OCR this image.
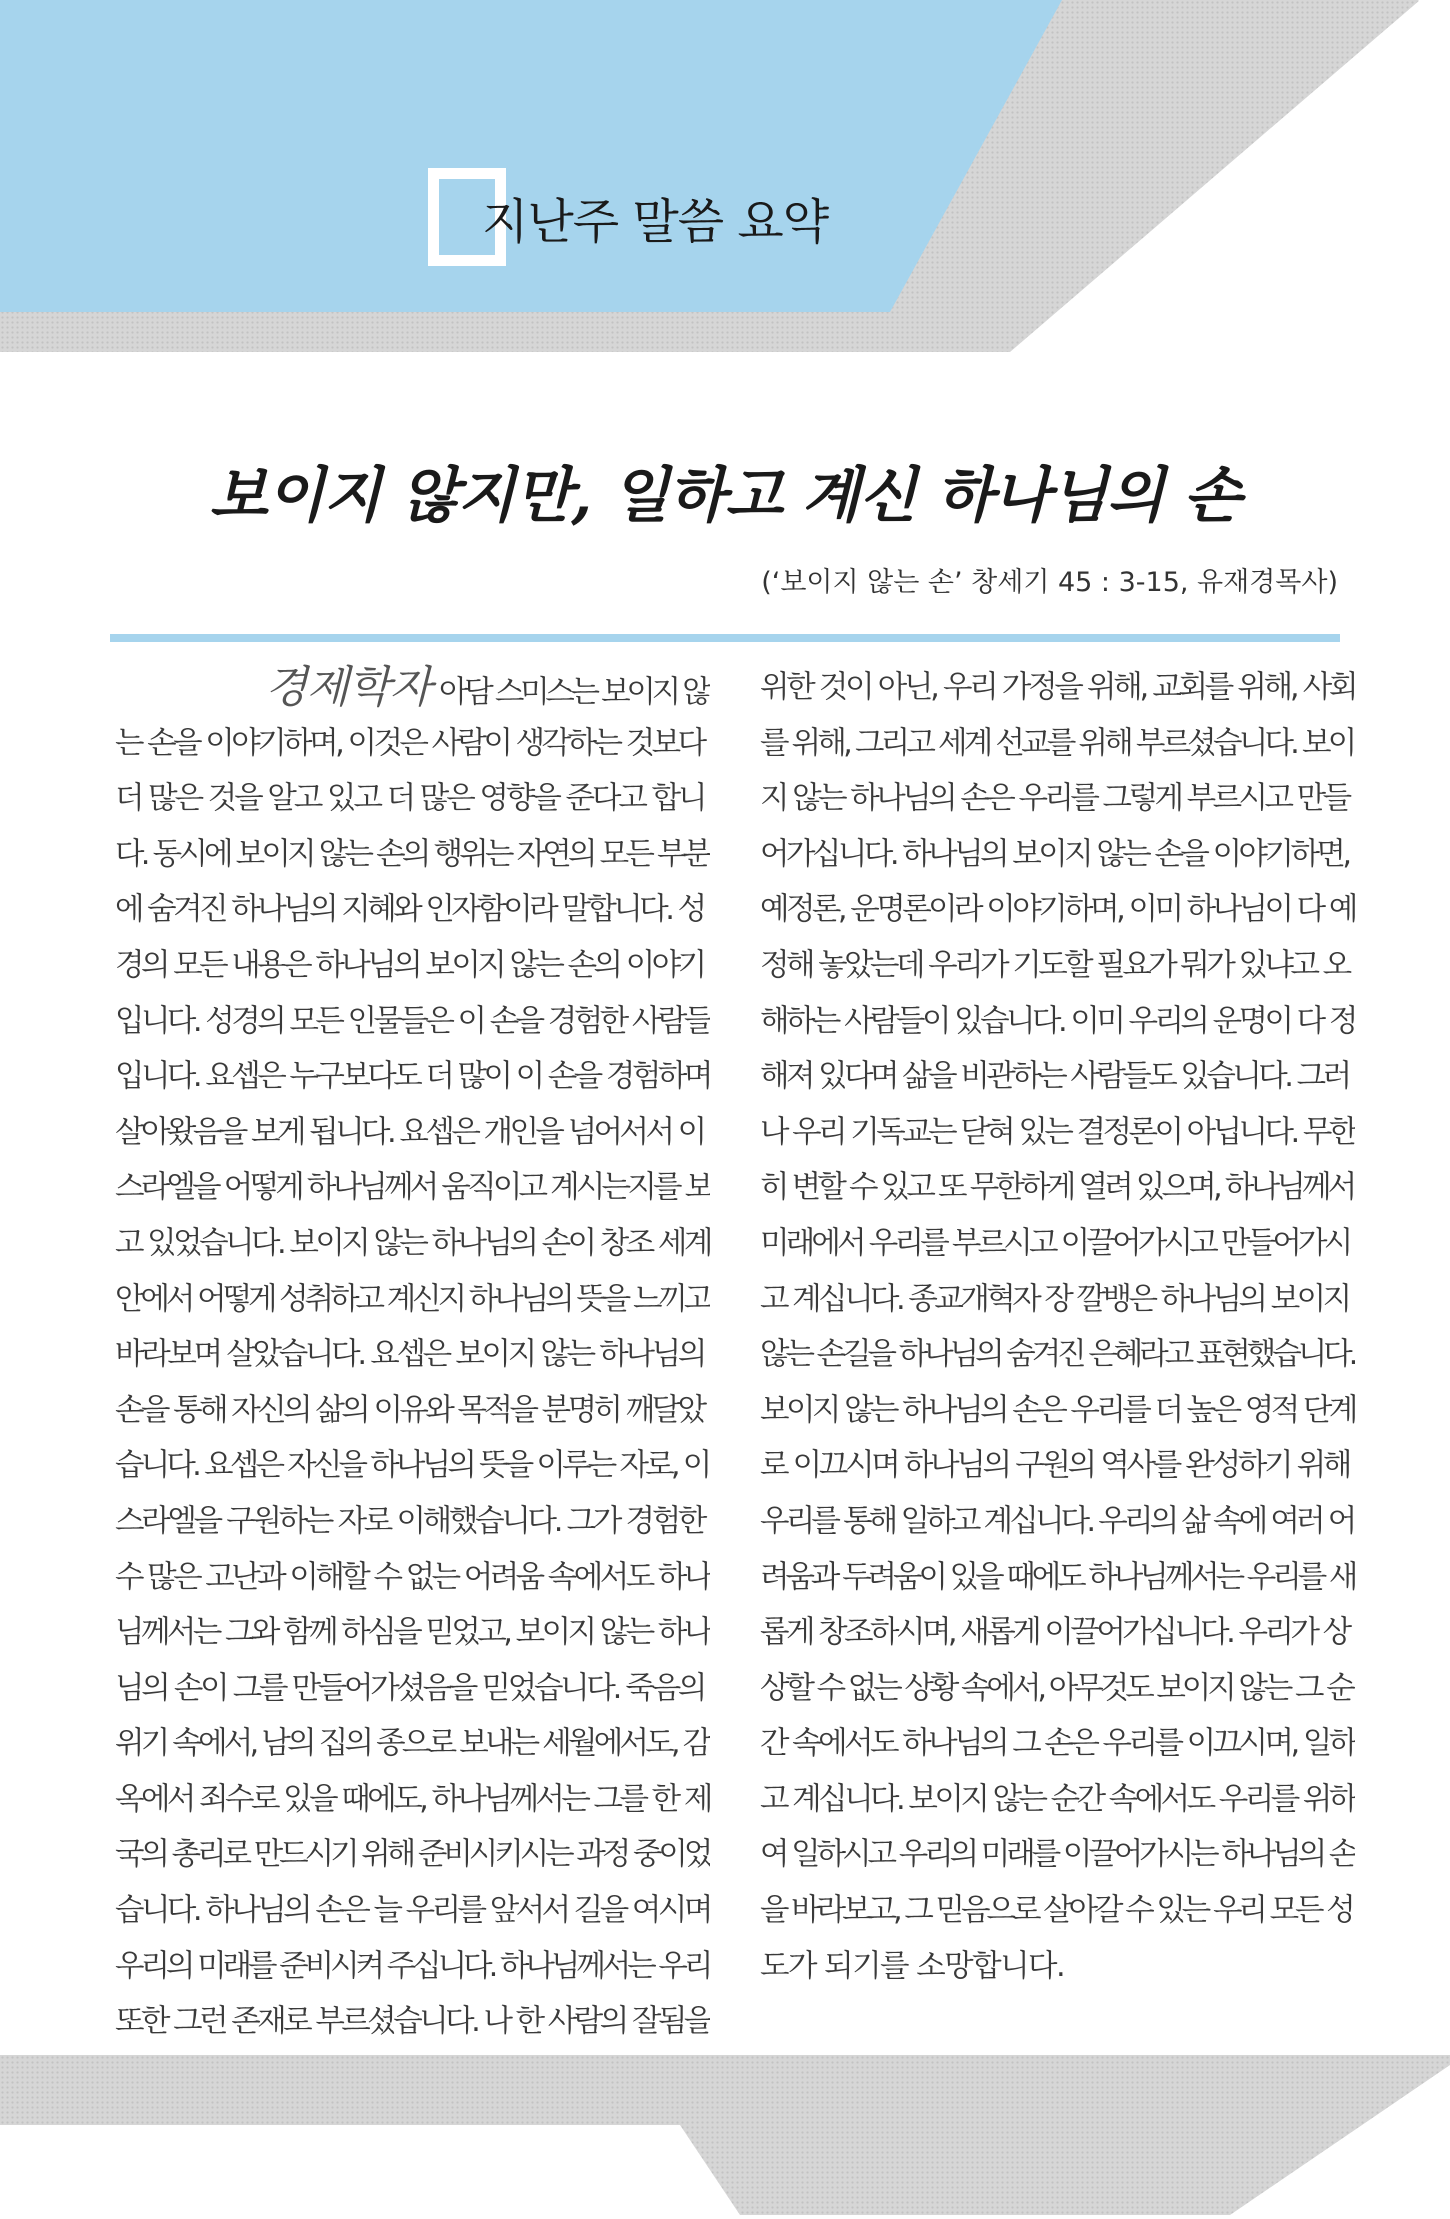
지난주 말씀 요약
보이지 않지만, 일하고 계신 하나님의 손
(‘보이지 않는 손’ 창세기 45 : 3-15, 유재경목사)
경제학자 아담 스미스는 보이지 않
는 손을 이야기하며, 이것은 사람이 생각하는 것보다
더 많은 것을 알고 있고 더 많은 영향을 준다고 합니
다. 동시에 보이지 않는 손의 행위는 자연의 모든 부분
에 숨겨진 하나님의 지혜와 인자함이라 말합니다. 성
경의 모든 내용은 하나님의 보이지 않는 손의 이야기
입니다. 성경의 모든 인물들은 이 손을 경험한 사람들
입니다. 요셉은 누구보다도 더 많이 이 손을 경험하며
살아왔음을 보게 됩니다. 요셉은 개인을 넘어서서 이
스라엘을 어떻게 하나님께서 움직이고 계시는지를 보
고 있었습니다. 보이지 않는 하나님의 손이 창조 세계
안에서 어떻게 성취하고 계신지 하나님의 뜻을 느끼고
바라보며 살았습니다. 요셉은 보이지 않는 하나님의
손을 통해 자신의 삶의 이유와 목적을 분명히 깨달았
습니다. 요셉은 자신을 하나님의 뜻을 이루는 자로, 이
스라엘을 구원하는 자로 이해했습니다. 그가 경험한
수 많은 고난과 이해할 수 없는 어려움 속에서도 하나
님께서는 그와 함께 하심을 믿었고, 보이지 않는 하나
님의 손이 그를 만들어가셨음을 믿었습니다. 죽음의
위기 속에서, 남의 집의 종으로 보내는 세월에서도, 감
옥에서 죄수로 있을 때에도, 하나님께서는 그를 한 제
국의 총리로 만드시기 위해 준비시키시는 과정 중이었
습니다. 하나님의 손은 늘 우리를 앞서서 길을 여시며
우리의 미래를 준비시켜 주십니다. 하나님께서는 우리
또한 그런 존재로 부르셨습니다. 나 한 사람의 잘됨을
위한 것이 아닌, 우리 가정을 위해, 교회를 위해, 사회
를 위해, 그리고 세계 선교를 위해 부르셨습니다. 보이
지 않는 하나님의 손은 우리를 그렇게 부르시고 만들
어가십니다. 하나님의 보이지 않는 손을 이야기하면,
예정론, 운명론이라 이야기하며, 이미 하나님이 다 예
정해 놓았는데 우리가 기도할 필요가 뭐가 있냐고 오
해하는 사람들이 있습니다. 이미 우리의 운명이 다 정
해져 있다며 삶을 비관하는 사람들도 있습니다. 그러
나 우리 기독교는 닫혀 있는 결정론이 아닙니다. 무한
히 변할 수 있고 또 무한하게 열려 있으며, 하나님께서
미래에서 우리를 부르시고 이끌어가시고 만들어가시
고 계십니다. 종교개혁자 장 깔뱅은 하나님의 보이지
않는 손길을 하나님의 숨겨진 은혜라고 표현했습니다.
보이지 않는 하나님의 손은 우리를 더 높은 영적 단계
로 이끄시며 하나님의 구원의 역사를 완성하기 위해
우리를 통해 일하고 계십니다. 우리의 삶 속에 여러 어
려움과 두려움이 있을 때에도 하나님께서는 우리를 새
롭게 창조하시며, 새롭게 이끌어가십니다. 우리가 상
상할 수 없는 상황 속에서, 아무것도 보이지 않는 그 순
간 속에서도 하나님의 그 손은 우리를 이끄시며, 일하
고 계십니다. 보이지 않는 순간 속에서도 우리를 위하
여 일하시고 우리의 미래를 이끌어가시는 하나님의 손
을 바라보고, 그 믿음으로 살아갈 수 있는 우리 모든 성
도가 되기를 소망합니다.
